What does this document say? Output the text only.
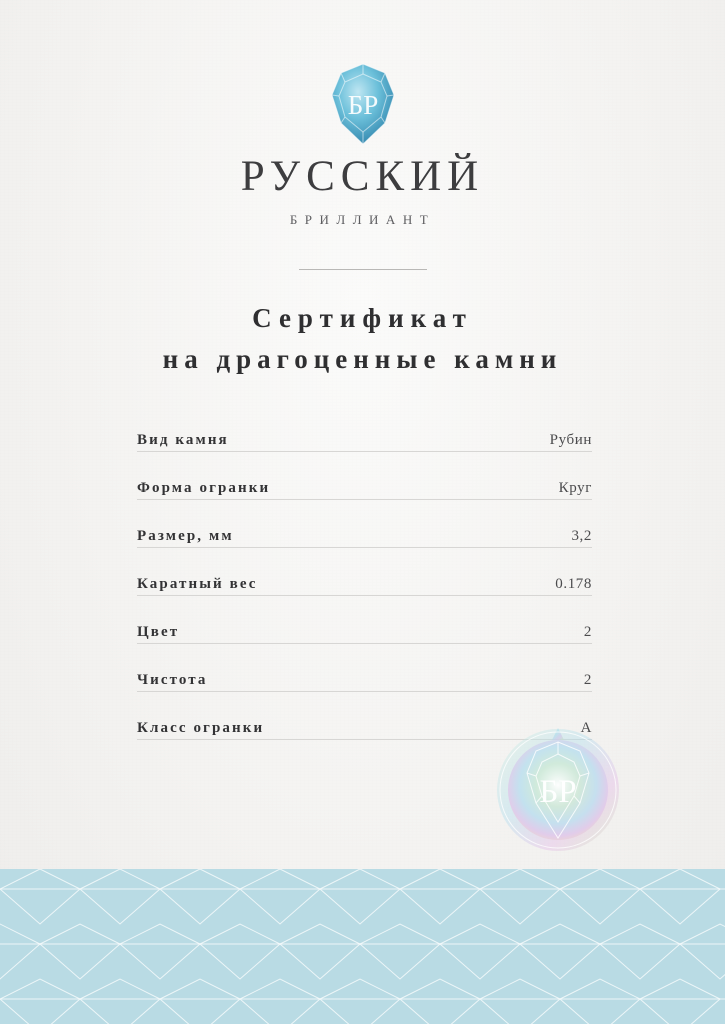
БР
РУССКИЙ
БРИЛЛИАНТ
Сертификат
на драгоценные камни
Вид камня	Рубин
Форма огранки	Круг
Размер, мм	3,2
Каратный вес	0.178
Цвет	2
Чистота	2
Класс огранки	A
БР
